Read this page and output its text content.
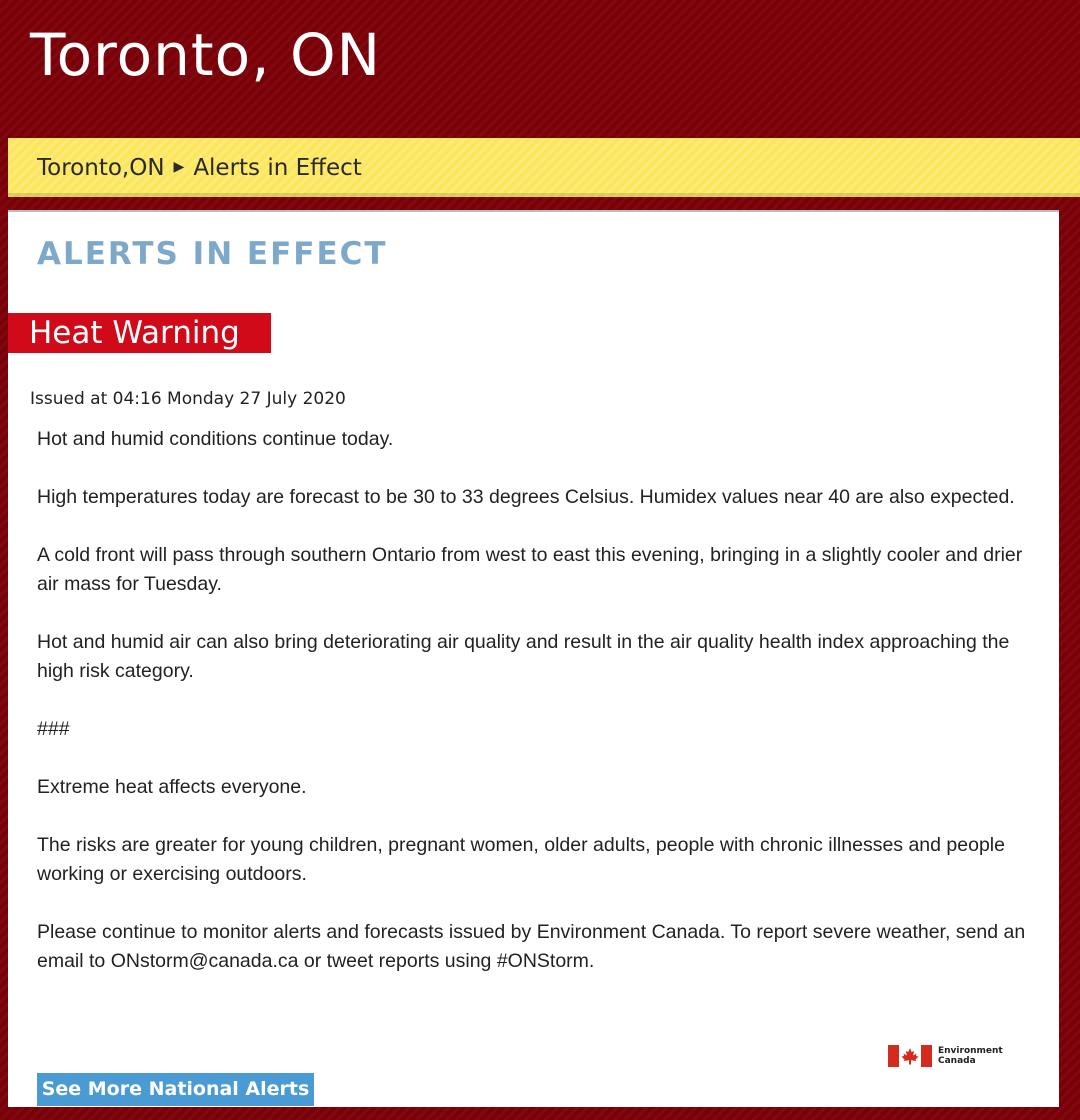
Toronto, ON
Toronto,ON ▶ Alerts in Effect
ALERTS IN EFFECT
Heat Warning
Issued at 04:16 Monday 27 July 2020

Hot and humid conditions continue today.

High temperatures today are forecast to be 30 to 33 degrees Celsius. Humidex values near 40 are also expected.

A cold front will pass through southern Ontario from west to east this evening, bringing in a slightly cooler and drier air mass for Tuesday.

Hot and humid air can also bring deteriorating air quality and result in the air quality health index approaching the high risk category.

###

Extreme heat affects everyone.

The risks are greater for young children, pregnant women, older adults, people with chronic illnesses and people working or exercising outdoors.

Please continue to monitor alerts and forecasts issued by Environment Canada. To report severe weather, send an email to ONstorm@canada.ca or tweet reports using #ONStorm.

Environment
Canada
See More National Alerts
